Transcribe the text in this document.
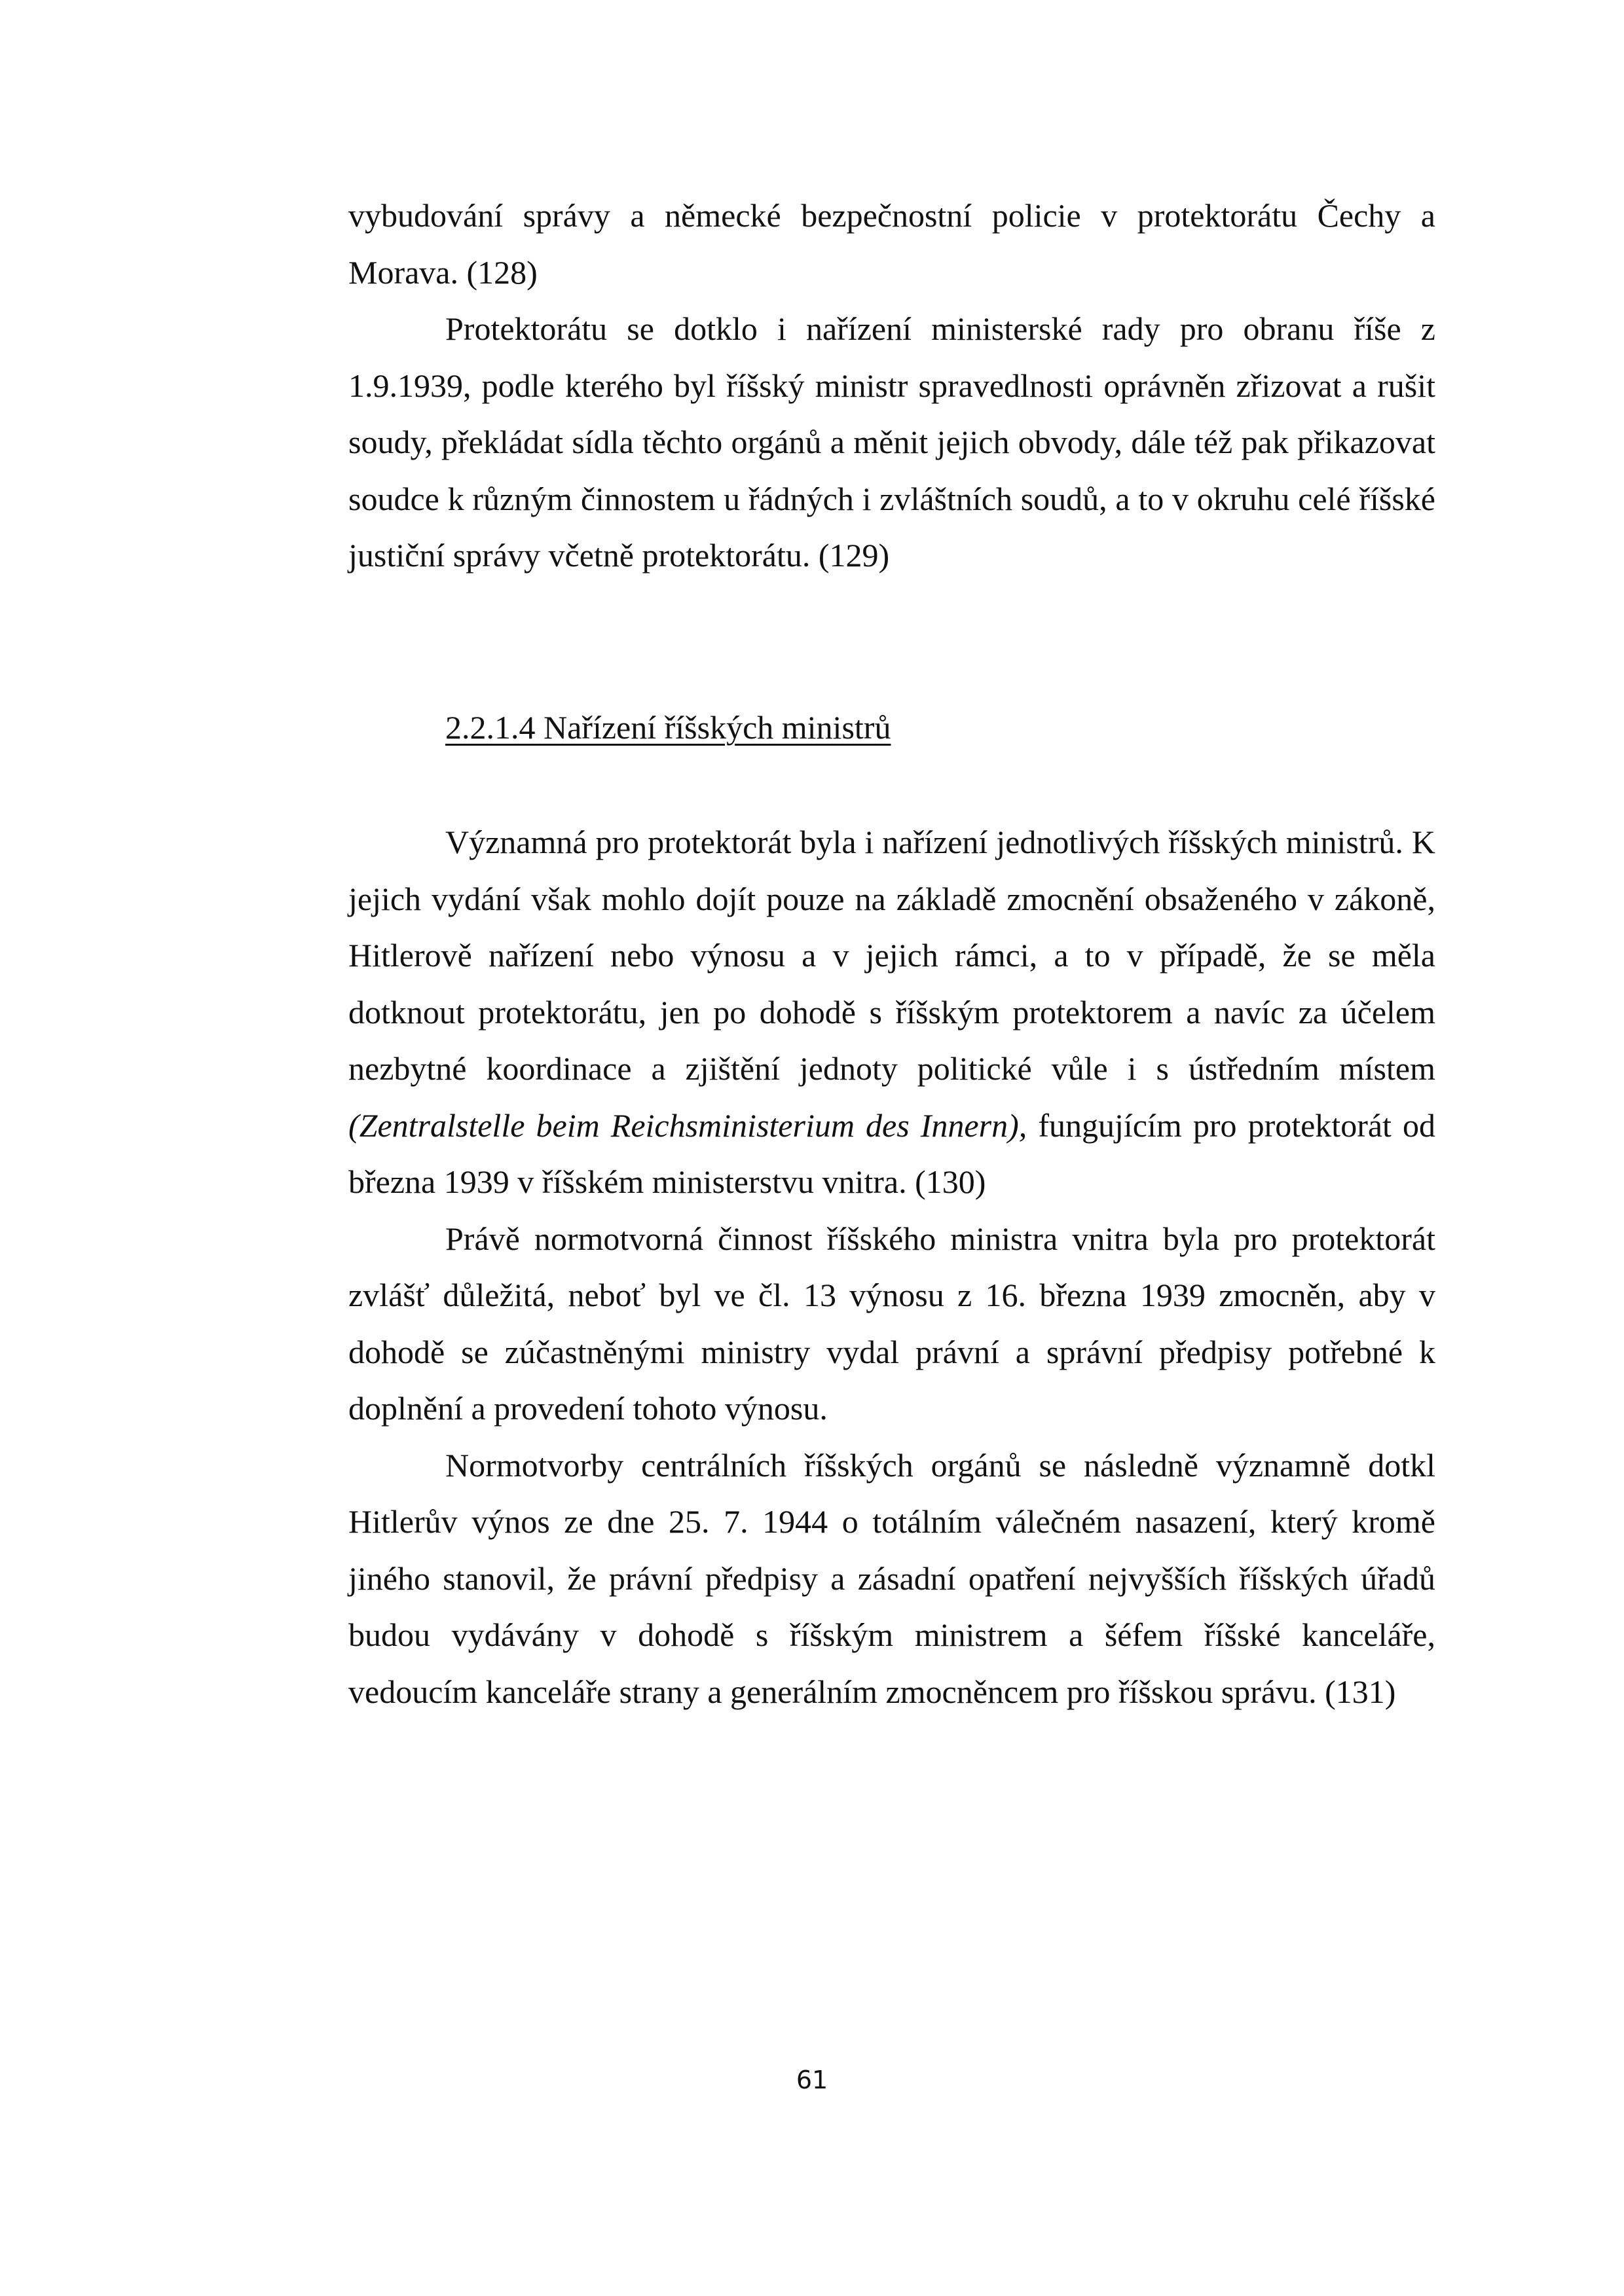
vybudování správy a německé bezpečnostní policie v protektorátu Čechy a Morava. (128)

Protektorátu se dotklo i nařízení ministerské rady pro obranu říše z 1.9.1939, podle kterého byl říšský ministr spravedlnosti oprávněn zřizovat a rušit soudy, překládat sídla těchto orgánů a měnit jejich obvody, dále též pak přikazovat soudce k různým činnostem u řádných i zvláštních soudů, a to v okruhu celé říšské justiční správy včetně protektorátu. (129)

2.2.1.4 Nařízení říšských ministrů

Významná pro protektorát byla i nařízení jednotlivých říšských ministrů. K jejich vydání však mohlo dojít pouze na základě zmocnění obsaženého v zákoně, Hitlerově nařízení nebo výnosu a v jejich rámci, a to v případě, že se měla dotknout protektorátu, jen po dohodě s říšským protektorem a navíc za účelem nezbytné koordinace a zjištění jednoty politické vůle i s ústředním místem (Zentralstelle beim Reichsministerium des Innern), fungujícím pro protektorát od března 1939 v říšském ministerstvu vnitra. (130)

Právě normotvorná činnost říšského ministra vnitra byla pro protektorát zvlášť důležitá, neboť byl ve čl. 13 výnosu z 16. března 1939 zmocněn, aby v dohodě se zúčastněnými ministry vydal právní a správní předpisy potřebné k doplnění a provedení tohoto výnosu.

Normotvorby centrálních říšských orgánů se následně významně dotkl Hitlerův výnos ze dne 25. 7. 1944 o totálním válečném nasazení, který kromě jiného stanovil, že právní předpisy a zásadní opatření nejvyšších říšských úřadů budou vydávány v dohodě s říšským ministrem a šéfem říšské kanceláře, vedoucím kanceláře strany a generálním zmocněncem pro říšskou správu. (131)

61
